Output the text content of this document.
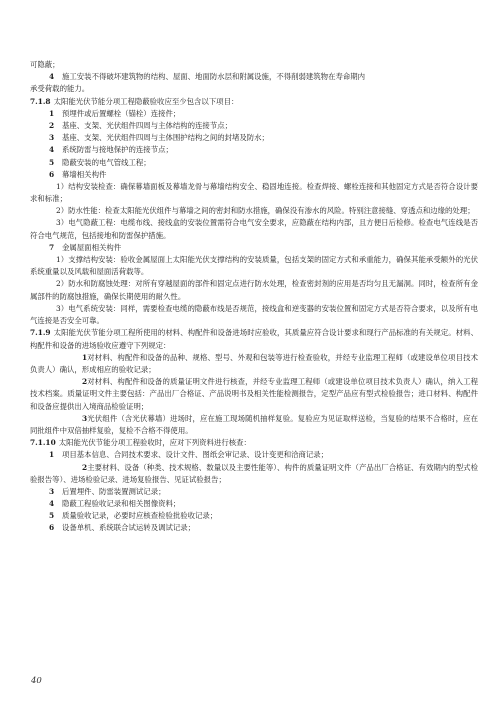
可隐蔽；
4 施工安装不得破坏建筑物的结构、屋面、地面防水层和附属设施，不得削弱建筑物在寿命期内
承受荷载的能力。
7.1.8 太阳能光伏节能分项工程隐蔽验收应至少包含以下项目：
1 预埋件或后置螺栓（锚栓）连接件；
2 基座、支架、光伏组件四周与主体结构的连接节点；
3 基座、支架、光伏组件四周与主体围护结构之间的封堵及防水；
4 系统防雷与接地保护的连接节点；
5 隐蔽安装的电气管线工程；
6 幕墙相关构件
1）结构安装检查：确保幕墙面板及幕墙龙骨与幕墙结构安全、稳固地连接。检查焊接、螺栓连接和其他固定方式是否符合设计要求和标准；
2）防水性能：检查太阳能光伏组件与幕墙之间的密封和防水措施，确保没有渗水的风险。特别注意接缝、穿透点和边缘的处理；
3）电气隐蔽工程：电缆布线、接线盒的安装位置需符合电气安全要求，应隐蔽在结构内部，且方便日后检修。检查电气连线是否符合电气规范，包括接地和防雷保护措施。
7 金属屋面相关构件
1）支撑结构安装：验收金属屋面上太阳能光伏支撑结构的安装质量，包括支架的固定方式和承重能力，确保其能承受额外的光伏系统重量以及风载和屋面活荷载等。
2）防水和防腐蚀处理：对所有穿越屋面的部件和固定点进行防水处理，检查密封剂的应用是否均匀且无漏洞。同时，检查所有金属部件的防腐蚀措施，确保长期使用的耐久性。
3）电气系统安装：同样，需要检查电缆的隐蔽布线是否规范，接线盒和逆变器的安装位置和固定方式是否符合要求，以及所有电气连接是否安全可靠。
7.1.9 太阳能光伏节能分项工程所使用的材料、构配件和设备进场时应验收，其质量应符合设计要求和现行产品标准的有关规定。材料、构配件和设备的进场验收应遵守下列规定：
1对材料、构配件和设备的品种、规格、型号、外观和包装等进行检查验收，并经专业监理工程师（或建设单位项目技术负责人）确认，形成相应的验收记录；
2对材料、构配件和设备的质量证明文件进行核查，并经专业监理工程师（或建设单位项目技术负责人）确认，纳入工程技术档案。质量证明文件主要包括：产品出厂合格证、产品说明书及相关性能检测报告，定型产品应有型式检验报告；进口材料、构配件和设备应提供出入境商品检验证明；
3光伏组件（含光伏幕墙）进场时，应在施工现场随机抽样复验。复验应为见证取样送检，当复验的结果不合格时，应在同批组件中双倍抽样复验，复检不合格不得使用。
7.1.10 太阳能光伏节能分项工程验收时，应对下列资料进行核查：
1 项目基本信息、合同技术要求、设计文件、图纸会审记录、设计变更和洽商记录；
2主要材料、设备（种类、技术规格、数量以及主要性能等）、构件的质量证明文件（产品出厂合格证、有效期内的型式检验报告等）、进场检验记录、进场复验报告、见证试验报告；
3 后置埋件、防雷装置测试记录；
4 隐蔽工程验收记录和相关图像资料；
5 质量验收记录，必要时应核查检验批验收记录；
6 设备单机、系统联合试运转及调试记录；
40
